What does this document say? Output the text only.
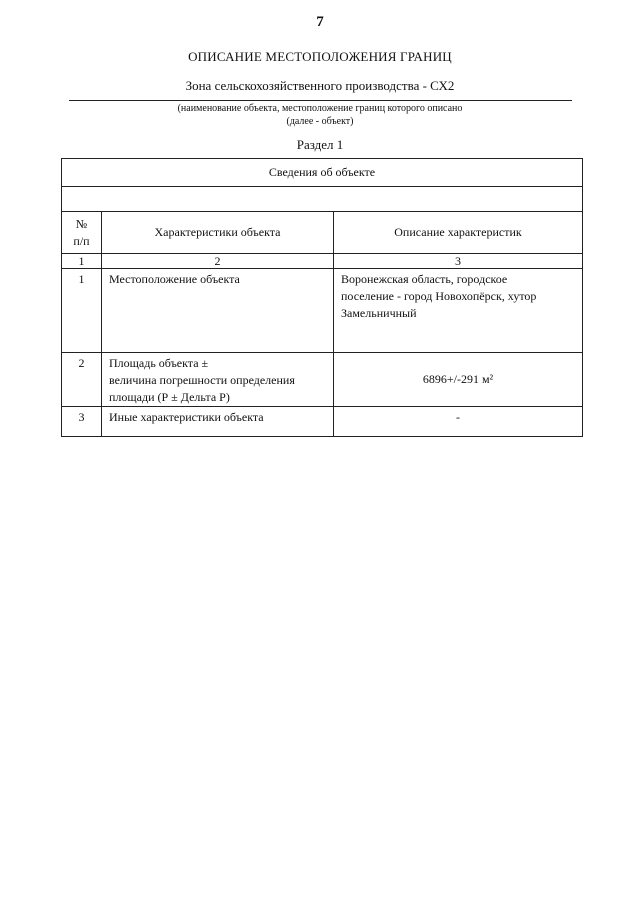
7
ОПИСАНИЕ МЕСТОПОЛОЖЕНИЯ ГРАНИЦ
Зона сельскохозяйственного производства - СХ2
(наименование объекта, местоположение границ которого описано
(далее - объект)
Раздел 1
Сведения об объекте		

№
п/п	Характеристики объекта	Описание характеристик
1	2	3
1	Местоположение объекта	Воронежская область, городское
поселение - город Новохопёрск, хутор
Замельничный

2	Площадь объекта ±
величина погрешности определения
площади (Р ± Дельта Р)	6896+/-291 м²

3	Иные характеристики объекта	-
